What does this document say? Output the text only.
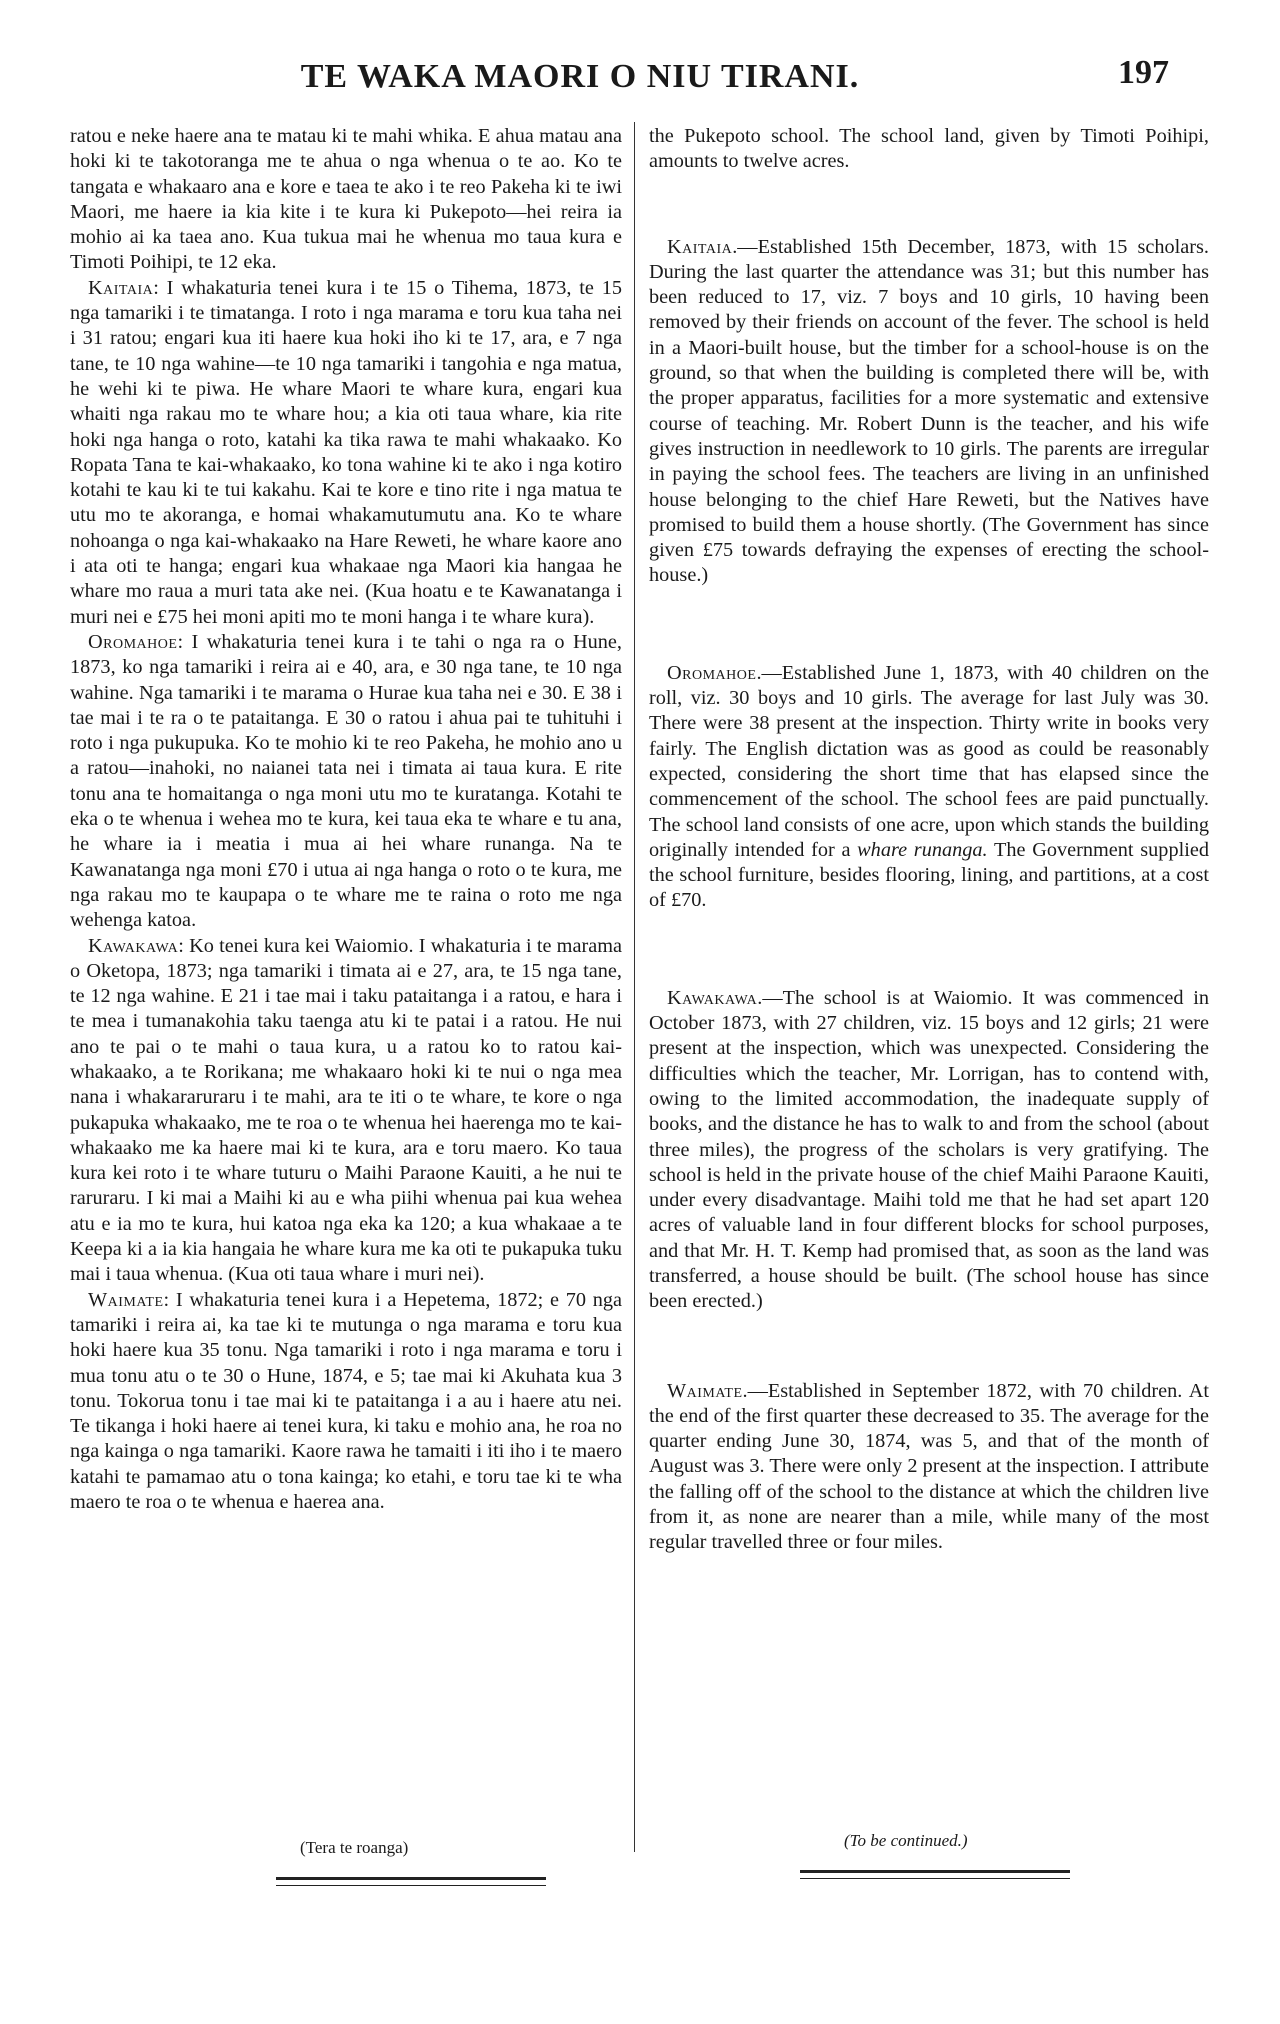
TE WAKA MAORI O NIU TIRANI.	197

ratou e neke haere ana te matau ki te mahi whika. E ahua matau ana hoki ki te takotoranga me te ahua o nga whenua o te ao. Ko te tangata e whakaaro ana e kore e taea te ako i te reo Pakeha ki te iwi Maori, me haere ia kia kite i te kura ki Pukepoto—hei reira ia mohio ai ka taea ano. Kua tukua mai he whenua mo taua kura e Timoti Poihipi, te 12 eka.

Kaitaia: I whakaturia tenei kura i te 15 o Tihema, 1873, te 15 nga tamariki i te timatanga. I roto i nga marama e toru kua taha nei i 31 ratou; engari kua iti haere kua hoki iho ki te 17, ara, e 7 nga tane, te 10 nga wahine—te 10 nga tamariki i tangohia e nga matua, he wehi ki te piwa. He whare Maori te whare kura, engari kua whaiti nga rakau mo te whare hou; a kia oti taua whare, kia rite hoki nga hanga o roto, katahi ka tika rawa te mahi whakaako. Ko Ropata Tana te kai-whakaako, ko tona wahine ki te ako i nga kotiro kotahi te kau ki te tui kakahu. Kai te kore e tino rite i nga matua te utu mo te akoranga, e homai whakamutumutu ana. Ko te whare nohoanga o nga kai-whakaako na Hare Reweti, he whare kaore ano i ata oti te hanga; engari kua whakaae nga Maori kia hangaa he whare mo raua a muri tata ake nei. (Kua hoatu e te Kawanatanga i muri nei e £75 hei moni apiti mo te moni hanga i te whare kura).

Oromahoe: I whakaturia tenei kura i te tahi o nga ra o Hune, 1873, ko nga tamariki i reira ai e 40, ara, e 30 nga tane, te 10 nga wahine. Nga tamariki i te marama o Hurae kua taha nei e 30. E 38 i tae mai i te ra o te pataitanga. E 30 o ratou i ahua pai te tuhituhi i roto i nga pukupuka. Ko te mohio ki te reo Pakeha, he mohio ano u a ratou—inahoki, no naianei tata nei i timata ai taua kura. E rite tonu ana te homaitanga o nga moni utu mo te kuratanga. Kotahi te eka o te whenua i wehea mo te kura, kei taua eka te whare e tu ana, he whare ia i meatia i mua ai hei whare runanga. Na te Kawanatanga nga moni £70 i utua ai nga hanga o roto o te kura, me nga rakau mo te kaupapa o te whare me te raina o roto me nga wehenga katoa.

Kawakawa: Ko tenei kura kei Waiomio. I whakaturia i te marama o Oketopa, 1873; nga tamariki i timata ai e 27, ara, te 15 nga tane, te 12 nga wahine. E 21 i tae mai i taku pataitanga i a ratou, e hara i te mea i tumanakohia taku taenga atu ki te patai i a ratou. He nui ano te pai o te mahi o taua kura, u a ratou ko to ratou kai-whakaako, a te Rorikana; me whakaaro hoki ki te nui o nga mea nana i whakararuraru i te mahi, ara te iti o te whare, te kore o nga pukapuka whakaako, me te roa o te whenua hei haerenga mo te kai-whakaako me ka haere mai ki te kura, ara e toru maero. Ko taua kura kei roto i te whare tuturu o Maihi Paraone Kauiti, a he nui te raruraru. I ki mai a Maihi ki au e wha piihi whenua pai kua wehea atu e ia mo te kura, hui katoa nga eka ka 120; a kua whakaae a te Keepa ki a ia kia hangaia he whare kura me ka oti te pukapuka tuku mai i taua whenua. (Kua oti taua whare i muri nei).

Waimate: I whakaturia tenei kura i a Hepetema, 1872; e 70 nga tamariki i reira ai, ka tae ki te mutunga o nga marama e toru kua hoki haere kua 35 tonu. Nga tamariki i roto i nga marama e toru i mua tonu atu o te 30 o Hune, 1874, e 5; tae mai ki Akuhata kua 3 tonu. Tokorua tonu i tae mai ki te pataitanga i a au i haere atu nei. Te tikanga i hoki haere ai tenei kura, ki taku e mohio ana, he roa no nga kainga o nga tamariki. Kaore rawa he tamaiti i iti iho i te maero katahi te pamamao atu o tona kainga; ko etahi, e toru tae ki te wha maero te roa o te whenua e haerea ana.

the Pukepoto school. The school land, given by Timoti Poihipi, amounts to twelve acres.

Kaitaia.—Established 15th December, 1873, with 15 scholars. During the last quarter the attendance was 31; but this number has been reduced to 17, viz. 7 boys and 10 girls, 10 having been removed by their friends on account of the fever. The school is held in a Maori-built house, but the timber for a school-house is on the ground, so that when the building is completed there will be, with the proper apparatus, facilities for a more systematic and extensive course of teaching. Mr. Robert Dunn is the teacher, and his wife gives instruction in needlework to 10 girls. The parents are irregular in paying the school fees. The teachers are living in an unfinished house belonging to the chief Hare Reweti, but the Natives have promised to build them a house shortly. (The Government has since given £75 towards defraying the expenses of erecting the school-house.)

Oromahoe.—Established June 1, 1873, with 40 children on the roll, viz. 30 boys and 10 girls. The average for last July was 30. There were 38 present at the inspection. Thirty write in books very fairly. The English dictation was as good as could be reasonably expected, considering the short time that has elapsed since the commencement of the school. The school fees are paid punctually. The school land consists of one acre, upon which stands the building originally intended for a whare runanga. The Government supplied the school furniture, besides flooring, lining, and partitions, at a cost of £70.

Kawakawa.—The school is at Waiomio. It was commenced in October 1873, with 27 children, viz. 15 boys and 12 girls; 21 were present at the inspection, which was unexpected. Considering the difficulties which the teacher, Mr. Lorrigan, has to contend with, owing to the limited accommodation, the inadequate supply of books, and the distance he has to walk to and from the school (about three miles), the progress of the scholars is very gratifying. The school is held in the private house of the chief Maihi Paraone Kauiti, under every disadvantage. Maihi told me that he had set apart 120 acres of valuable land in four different blocks for school purposes, and that Mr. H. T. Kemp had promised that, as soon as the land was transferred, a house should be built. (The school house has since been erected.)

Waimate.—Established in September 1872, with 70 children. At the end of the first quarter these decreased to 35. The average for the quarter ending June 30, 1874, was 5, and that of the month of August was 3. There were only 2 present at the inspection. I attribute the falling off of the school to the distance at which the children live from it, as none are nearer than a mile, while many of the most regular travelled three or four miles.

(Tera te roanga)	(To be continued.)
